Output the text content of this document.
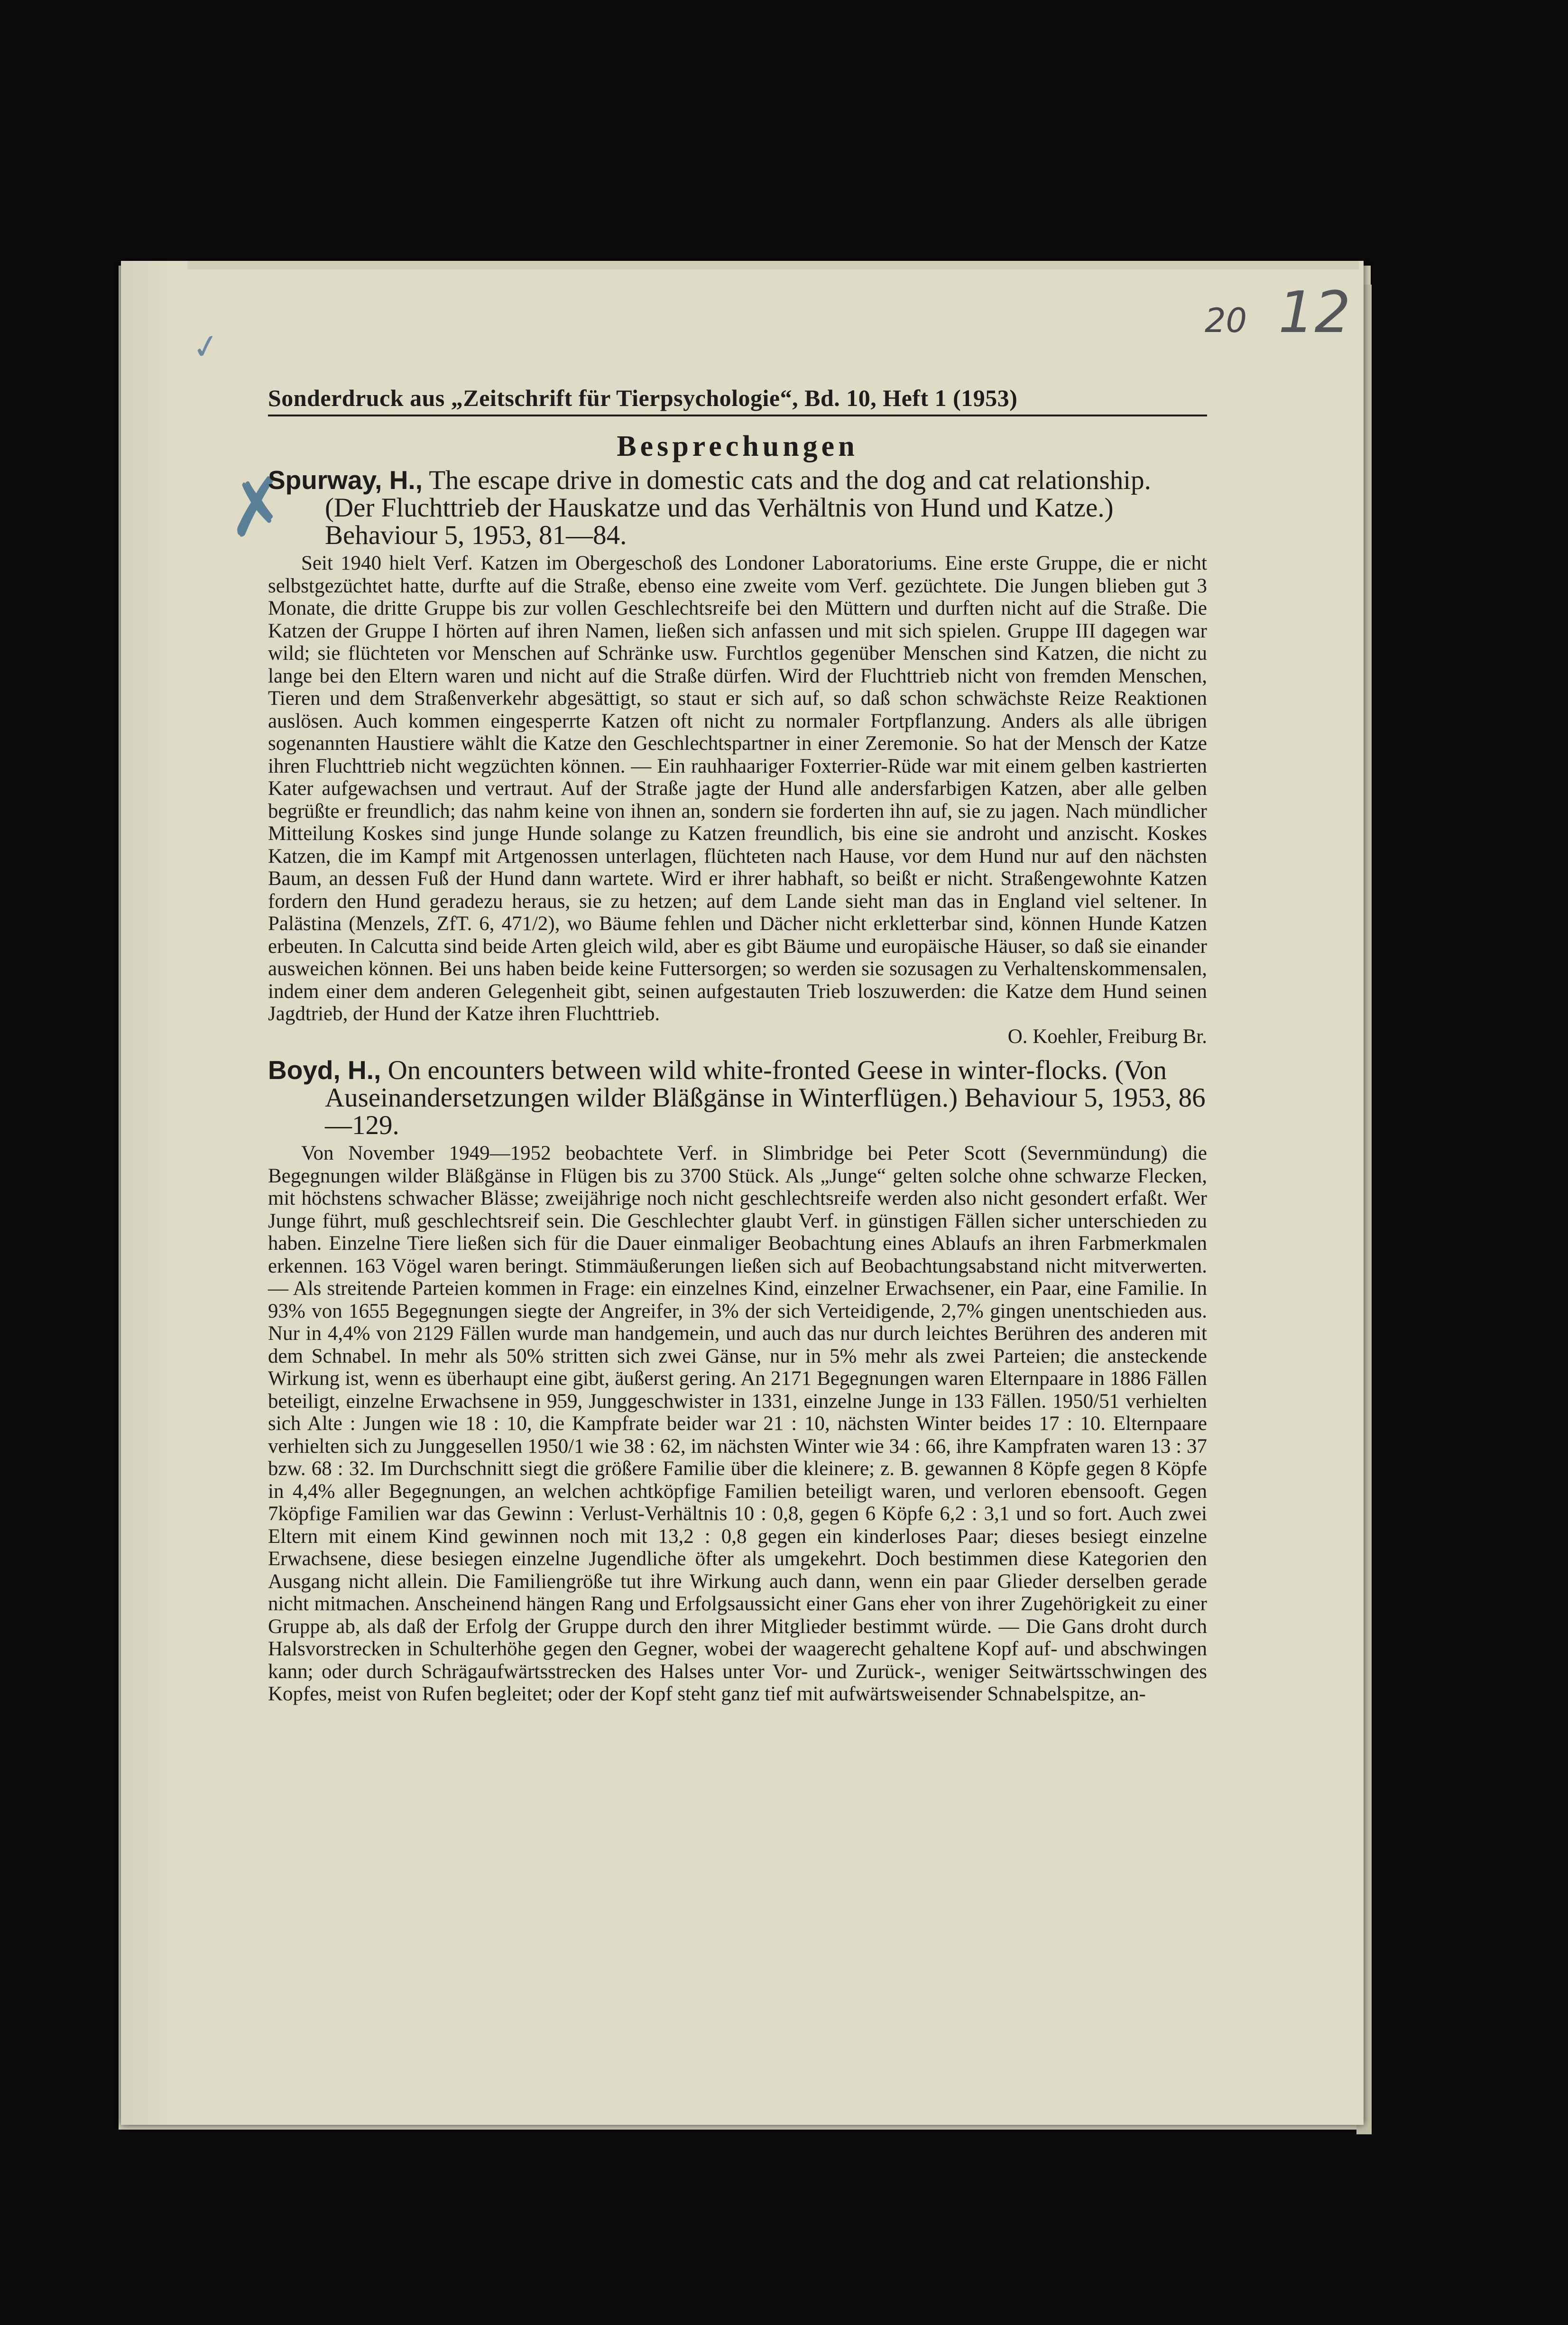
20 12
✓
✗
Sonderdruck aus „Zeitschrift für Tierpsychologie“, Bd. 10, Heft 1 (1953)
Besprechungen

Spurway, H., The escape drive in domestic cats and the dog and cat relationship. (Der Fluchttrieb der Hauskatze und das Verhältnis von Hund und Katze.) Behaviour 5, 1953, 81—84.

Seit 1940 hielt Verf. Katzen im Obergeschoß des Londoner Laboratoriums. Eine erste Gruppe, die er nicht selbstgezüchtet hatte, durfte auf die Straße, ebenso eine zweite vom Verf. gezüchtete. Die Jungen blieben gut 3 Monate, die dritte Gruppe bis zur vollen Geschlechtsreife bei den Müttern und durften nicht auf die Straße. Die Katzen der Gruppe I hörten auf ihren Namen, ließen sich anfassen und mit sich spielen. Gruppe III dagegen war wild; sie flüchteten vor Menschen auf Schränke usw. Furchtlos gegenüber Menschen sind Katzen, die nicht zu lange bei den Eltern waren und nicht auf die Straße dürfen. Wird der Fluchttrieb nicht von fremden Menschen, Tieren und dem Straßenverkehr abgesättigt, so staut er sich auf, so daß schon schwächste Reize Reaktionen auslösen. Auch kommen eingesperrte Katzen oft nicht zu normaler Fortpflanzung. Anders als alle übrigen sogenannten Haustiere wählt die Katze den Geschlechtspartner in einer Zeremonie. So hat der Mensch der Katze ihren Fluchttrieb nicht wegzüchten können. — Ein rauhhaariger Foxterrier-Rüde war mit einem gelben kastrierten Kater aufgewachsen und vertraut. Auf der Straße jagte der Hund alle andersfarbigen Katzen, aber alle gelben begrüßte er freundlich; das nahm keine von ihnen an, sondern sie forderten ihn auf, sie zu jagen. Nach mündlicher Mitteilung Koskes sind junge Hunde solange zu Katzen freundlich, bis eine sie androht und anzischt. Koskes Katzen, die im Kampf mit Artgenossen unterlagen, flüchteten nach Hause, vor dem Hund nur auf den nächsten Baum, an dessen Fuß der Hund dann wartete. Wird er ihrer habhaft, so beißt er nicht. Straßengewohnte Katzen fordern den Hund geradezu heraus, sie zu hetzen; auf dem Lande sieht man das in England viel seltener. In Palästina (Menzels, ZfT. 6, 471/2), wo Bäume fehlen und Dächer nicht erkletterbar sind, können Hunde Katzen erbeuten. In Calcutta sind beide Arten gleich wild, aber es gibt Bäume und europäische Häuser, so daß sie einander ausweichen können. Bei uns haben beide keine Futtersorgen; so werden sie sozusagen zu Verhaltenskommensalen, indem einer dem anderen Gelegenheit gibt, seinen aufgestauten Trieb loszuwerden: die Katze dem Hund seinen Jagdtrieb, der Hund der Katze ihren Fluchttrieb.

O. Koehler, Freiburg Br.

Boyd, H., On encounters between wild white-fronted Geese in winter-flocks. (Von Auseinandersetzungen wilder Bläßgänse in Winterflügen.) Behaviour 5, 1953, 86—129.

Von November 1949—1952 beobachtete Verf. in Slimbridge bei Peter Scott (Severnmündung) die Begegnungen wilder Bläßgänse in Flügen bis zu 3700 Stück. Als „Junge“ gelten solche ohne schwarze Flecken, mit höchstens schwacher Blässe; zweijährige noch nicht geschlechtsreife werden also nicht gesondert erfaßt. Wer Junge führt, muß geschlechtsreif sein. Die Geschlechter glaubt Verf. in günstigen Fällen sicher unterschieden zu haben. Einzelne Tiere ließen sich für die Dauer einmaliger Beobachtung eines Ablaufs an ihren Farbmerkmalen erkennen. 163 Vögel waren beringt. Stimmäußerungen ließen sich auf Beobachtungsabstand nicht mitverwerten. — Als streitende Parteien kommen in Frage: ein einzelnes Kind, einzelner Erwachsener, ein Paar, eine Familie. In 93% von 1655 Begegnungen siegte der Angreifer, in 3% der sich Verteidigende, 2,7% gingen unentschieden aus. Nur in 4,4% von 2129 Fällen wurde man handgemein, und auch das nur durch leichtes Berühren des anderen mit dem Schnabel. In mehr als 50% stritten sich zwei Gänse, nur in 5% mehr als zwei Parteien; die ansteckende Wirkung ist, wenn es überhaupt eine gibt, äußerst gering. An 2171 Begegnungen waren Elternpaare in 1886 Fällen beteiligt, einzelne Erwachsene in 959, Junggeschwister in 1331, einzelne Junge in 133 Fällen. 1950/51 verhielten sich Alte : Jungen wie 18 : 10, die Kampfrate beider war 21 : 10, nächsten Winter beides 17 : 10. Elternpaare verhielten sich zu Junggesellen 1950/1 wie 38 : 62, im nächsten Winter wie 34 : 66, ihre Kampfraten waren 13 : 37 bzw. 68 : 32. Im Durchschnitt siegt die größere Familie über die kleinere; z. B. gewannen 8 Köpfe gegen 8 Köpfe in 4,4% aller Begegnungen, an welchen achtköpfige Familien beteiligt waren, und verloren ebensooft. Gegen 7köpfige Familien war das Gewinn : Verlust-Verhältnis 10 : 0,8, gegen 6 Köpfe 6,2 : 3,1 und so fort. Auch zwei Eltern mit einem Kind gewinnen noch mit 13,2 : 0,8 gegen ein kinderloses Paar; dieses besiegt einzelne Erwachsene, diese besiegen einzelne Jugendliche öfter als umgekehrt. Doch bestimmen diese Kategorien den Ausgang nicht allein. Die Familiengröße tut ihre Wirkung auch dann, wenn ein paar Glieder derselben gerade nicht mitmachen. Anscheinend hängen Rang und Erfolgsaussicht einer Gans eher von ihrer Zugehörigkeit zu einer Gruppe ab, als daß der Erfolg der Gruppe durch den ihrer Mitglieder bestimmt würde. — Die Gans droht durch Halsvorstrecken in Schulterhöhe gegen den Gegner, wobei der waagerecht gehaltene Kopf auf- und abschwingen kann; oder durch Schrägaufwärtsstrecken des Halses unter Vor- und Zurück-, weniger Seitwärtsschwingen des Kopfes, meist von Rufen begleitet; oder der Kopf steht ganz tief mit aufwärtsweisender Schnabelspitze, an-
